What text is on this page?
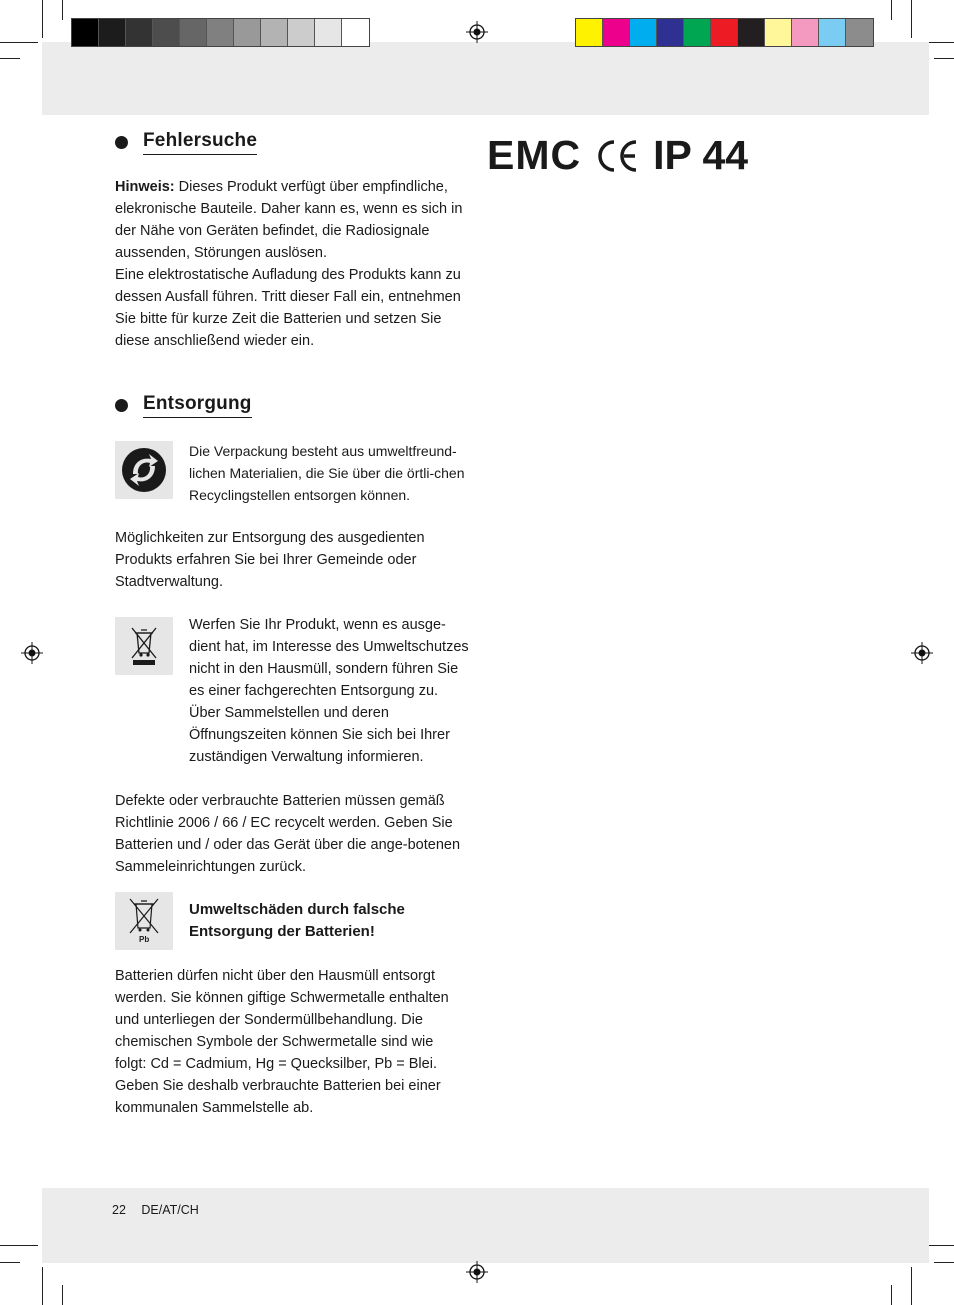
Fehlersuche

Hinweis: Dieses Produkt verfügt über empfindliche, elekronische Bauteile. Daher kann es, wenn es sich in der Nähe von Geräten befindet, die Radiosignale aussenden, Störungen auslösen.

Eine elektrostatische Aufladung des Produkts kann zu dessen Ausfall führen. Tritt dieser Fall ein, entnehmen Sie bitte für kurze Zeit die Batterien und setzen Sie diese anschließend wieder ein.

EMC IP 44
Entsorgung

Die Verpackung besteht aus umweltfreund-lichen Materialien, die Sie über die örtli-chen Recyclingstellen entsorgen können.

Möglichkeiten zur Entsorgung des ausgedienten Produkts erfahren Sie bei Ihrer Gemeinde oder Stadtverwaltung.

Werfen Sie Ihr Produkt, wenn es ausge-dient hat, im Interesse des Umweltschutzes nicht in den Hausmüll, sondern führen Sie es einer fachgerechten Entsorgung zu. Über Sammelstellen und deren Öffnungszeiten können Sie sich bei Ihrer zuständigen Verwaltung informieren.

Defekte oder verbrauchte Batterien müssen gemäß Richtlinie 2006 / 66 / EC recycelt werden. Geben Sie Batterien und / oder das Gerät über die ange-botenen Sammeleinrichtungen zurück.

Pb

Umweltschäden durch falsche Entsorgung der Batterien!

Batterien dürfen nicht über den Hausmüll entsorgt werden. Sie können giftige Schwermetalle enthalten und unterliegen der Sondermüllbehandlung. Die chemischen Symbole der Schwermetalle sind wie folgt: Cd = Cadmium, Hg = Quecksilber, Pb = Blei. Geben Sie deshalb verbrauchte Batterien bei einer kommunalen Sammelstelle ab.

22 DE/AT/CH
